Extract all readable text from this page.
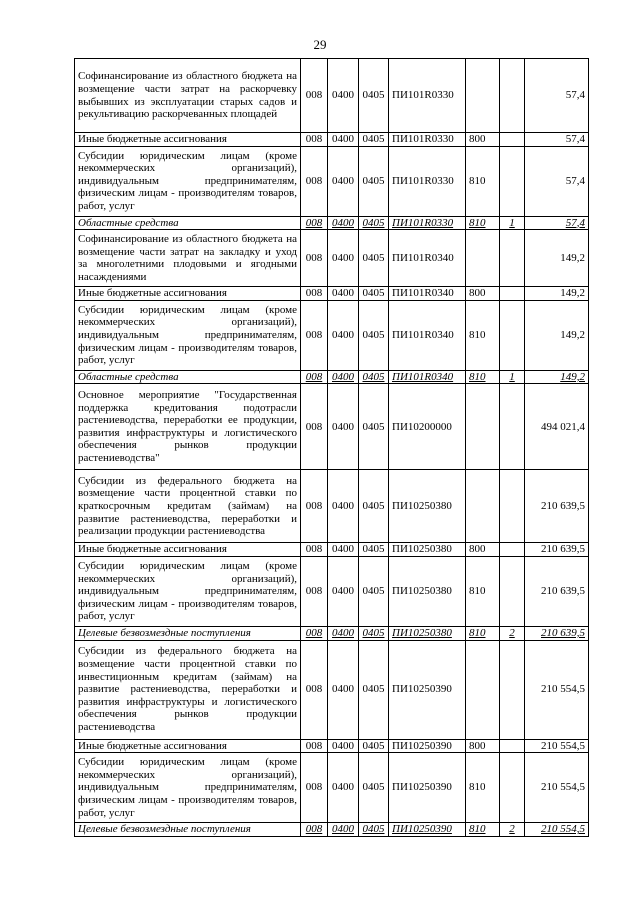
29
Софинансирование из областного бюджета на возмещение части затрат на раскорчевку выбывших из эксплуатации старых садов и рекультивацию раскорчеванных площадей	008	0400	0405	ПИ101R0330			57,4
Иные бюджетные ассигнования	008	0400	0405	ПИ101R0330	800		57,4
Субсидии юридическим лицам (кроме некоммерческих организаций), индивидуальным предпринимателям, физическим лицам - производителям товаров, работ, услуг	008	0400	0405	ПИ101R0330	810		57,4
Областные средства	008	0400	0405	ПИ101R0330	810	1	57,4
Софинансирование из областного бюджета на возмещение части затрат на закладку и уход за многолетними плодовыми и ягодными насаждениями	008	0400	0405	ПИ101R0340			149,2
Иные бюджетные ассигнования	008	0400	0405	ПИ101R0340	800		149,2
Субсидии юридическим лицам (кроме некоммерческих организаций), индивидуальным предпринимателям, физическим лицам - производителям товаров, работ, услуг	008	0400	0405	ПИ101R0340	810		149,2
Областные средства	008	0400	0405	ПИ101R0340	810	1	149,2
Основное мероприятие "Государственная поддержка кредитования подотрасли растениеводства, переработки ее продукции, развития инфраструктуры и логистического обеспечения рынков продукции растениеводства"	008	0400	0405	ПИ10200000			494 021,4
Субсидии из федерального бюджета на возмещение части процентной ставки по краткосрочным кредитам (займам) на развитие растениеводства, переработки и реализации продукции растениеводства	008	0400	0405	ПИ10250380			210 639,5
Иные бюджетные ассигнования	008	0400	0405	ПИ10250380	800		210 639,5
Субсидии юридическим лицам (кроме некоммерческих организаций), индивидуальным предпринимателям, физическим лицам - производителям товаров, работ, услуг	008	0400	0405	ПИ10250380	810		210 639,5
Целевые безвозмездные поступления	008	0400	0405	ПИ10250380	810	2	210 639,5
Субсидии из федерального бюджета на возмещение части процентной ставки по инвестиционным кредитам (займам) на развитие растениеводства, переработки и развития инфраструктуры и логистического обеспечения рынков продукции растениеводства	008	0400	0405	ПИ10250390			210 554,5
Иные бюджетные ассигнования	008	0400	0405	ПИ10250390	800		210 554,5
Субсидии юридическим лицам (кроме некоммерческих организаций), индивидуальным предпринимателям, физическим лицам - производителям товаров, работ, услуг	008	0400	0405	ПИ10250390	810		210 554,5
Целевые безвозмездные поступления	008	0400	0405	ПИ10250390	810	2	210 554,5
